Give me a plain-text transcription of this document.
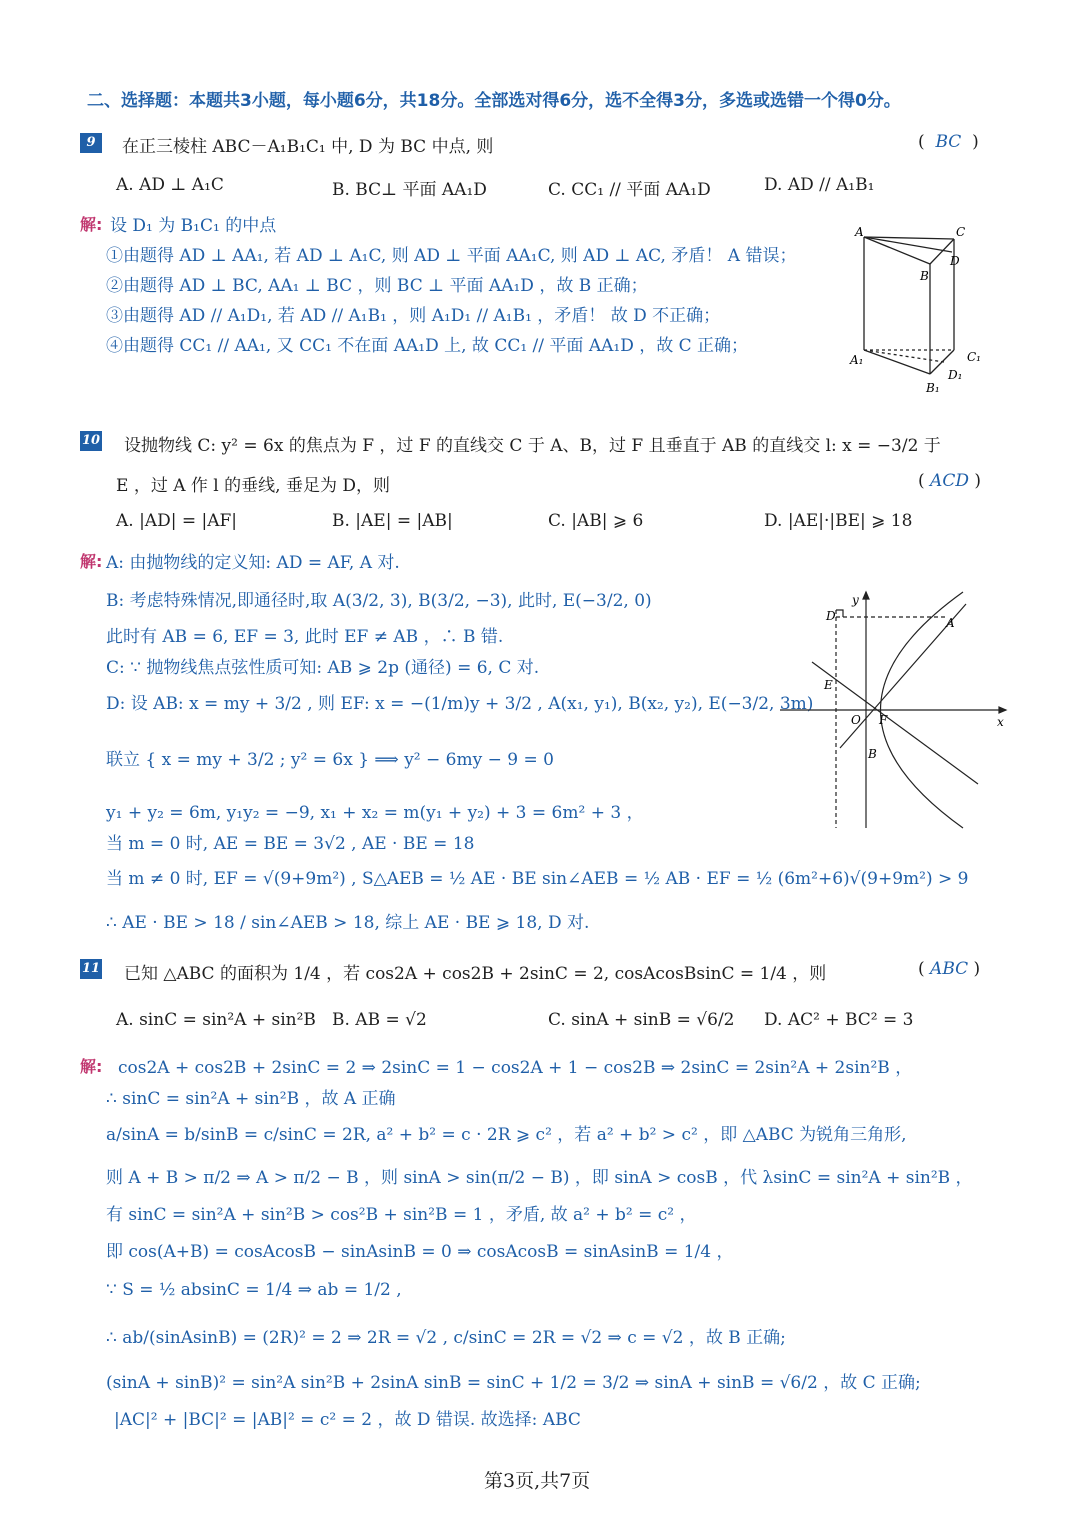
二、选择题：本题共3小题，每小题6分，共18分。全部选对得6分，选不全得3分，多选或选错一个得0分。
9	在正三棱柱 ABC－A₁B₁C₁ 中, D 为 BC 中点, 则	( BC )
A. AD ⊥ A₁C	B. BC⊥ 平面 AA₁D	C. CC₁ // 平面 AA₁D	D. AD // A₁B₁
解: 设 D₁ 为 B₁C₁ 的中点
①由题得 AD ⊥ AA₁, 若 AD ⊥ A₁C, 则 AD ⊥ 平面 AA₁C, 则 AD ⊥ AC, 矛盾！ A 错误；
②由题得 AD ⊥ BC, AA₁ ⊥ BC ，则 BC ⊥ 平面 AA₁D ，故 B 正确；
③由题得 AD // A₁D₁, 若 AD // A₁B₁ ，则 A₁D₁ // A₁B₁ ，矛盾！ 故 D 不正确；
④由题得 CC₁ // AA₁, 又 CC₁ 不在面 AA₁D 上, 故 CC₁ // 平面 AA₁D ，故 C 正确；
A	C
B
D
A₁	C₁
D₁
B₁
10 设抛物线 C: y² = 6x 的焦点为 F ，过 F 的直线交 C 于 A、B，过 F 且垂直于 AB 的直线交 l: x = −3/2 于
E ，过 A 作 l 的垂线, 垂足为 D，则	( ACD )
A. |AD| = |AF|	B. |AE| = |AB|	C. |AB| ⩾ 6	D. |AE|·|BE| ⩾ 18
解: A: 由抛物线的定义知: AD = AF, A 对.
B: 考虑特殊情况,即通径时,取 A(3/2, 3), B(3/2, −3), 此时, E(−3/2, 0)
此时有 AB = 6, EF = 3, 此时 EF ≠ AB ，∴ B 错.
C: ∵ 抛物线焦点弦性质可知: AB ⩾ 2p (通径) = 6, C 对.
D: 设 AB: x = my + 3/2 , 则 EF: x = −(1/m)y + 3/2 , A(x₁, y₁), B(x₂, y₂), E(−3/2, 3m)
联立 { x = my + 3/2 ; y² = 6x } ⟹ y² − 6my − 9 = 0
y₁ + y₂ = 6m, y₁y₂ = −9, x₁ + x₂ = m(y₁ + y₂) + 3 = 6m² + 3 ，
当 m = 0 时, AE = BE = 3√2 , AE · BE = 18
当 m ≠ 0 时, EF = √(9+9m²) , S△AEB = ½ AE · BE sin∠AEB = ½ AB · EF = ½ (6m²+6)√(9+9m²) > 9
∴ AE · BE > 18 / sin∠AEB > 18, 综上 AE · BE ⩾ 18, D 对.
D
y
A
E
O F	x
B
11 已知 △ABC 的面积为 1/4 ，若 cos2A + cos2B + 2sinC = 2, cosAcosBsinC = 1/4 ，则	( ABC )
A. sinC = sin²A + sin²B B. AB = √2	C. sinA + sinB = √6/2 D. AC² + BC² = 3
解: cos2A + cos2B + 2sinC = 2 ⇒ 2sinC = 1 − cos2A + 1 − cos2B ⇒ 2sinC = 2sin²A + 2sin²B ，
∴ sinC = sin²A + sin²B ，故 A 正确
a/sinA = b/sinB = c/sinC = 2R, a² + b² = c · 2R ⩾ c² ，若 a² + b² > c² ，即 △ABC 为锐角三角形,
则 A + B > π/2 ⇒ A > π/2 − B ，则 sinA > sin(π/2 − B) ，即 sinA > cosB ，代 λsinC = sin²A + sin²B ，
有 sinC = sin²A + sin²B > cos²B + sin²B = 1 ，矛盾, 故 a² + b² = c² ，
即 cos(A+B) = cosAcosB − sinAsinB = 0 ⇒ cosAcosB = sinAsinB = 1/4 ，
∵ S = ½ absinC = 1/4 ⇒ ab = 1/2 ,
∴ ab/(sinAsinB) = (2R)² = 2 ⇒ 2R = √2 , c/sinC = 2R = √2 ⇒ c = √2 ，故 B 正确;
(sinA + sinB)² = sin²A sin²B + 2sinA sinB = sinC + 1/2 = 3/2 ⇒ sinA + sinB = √6/2 ，故 C 正确;
|AC|² + |BC|² = |AB|² = c² = 2 ，故 D 错误. 故选择: ABC
第3页,共7页
